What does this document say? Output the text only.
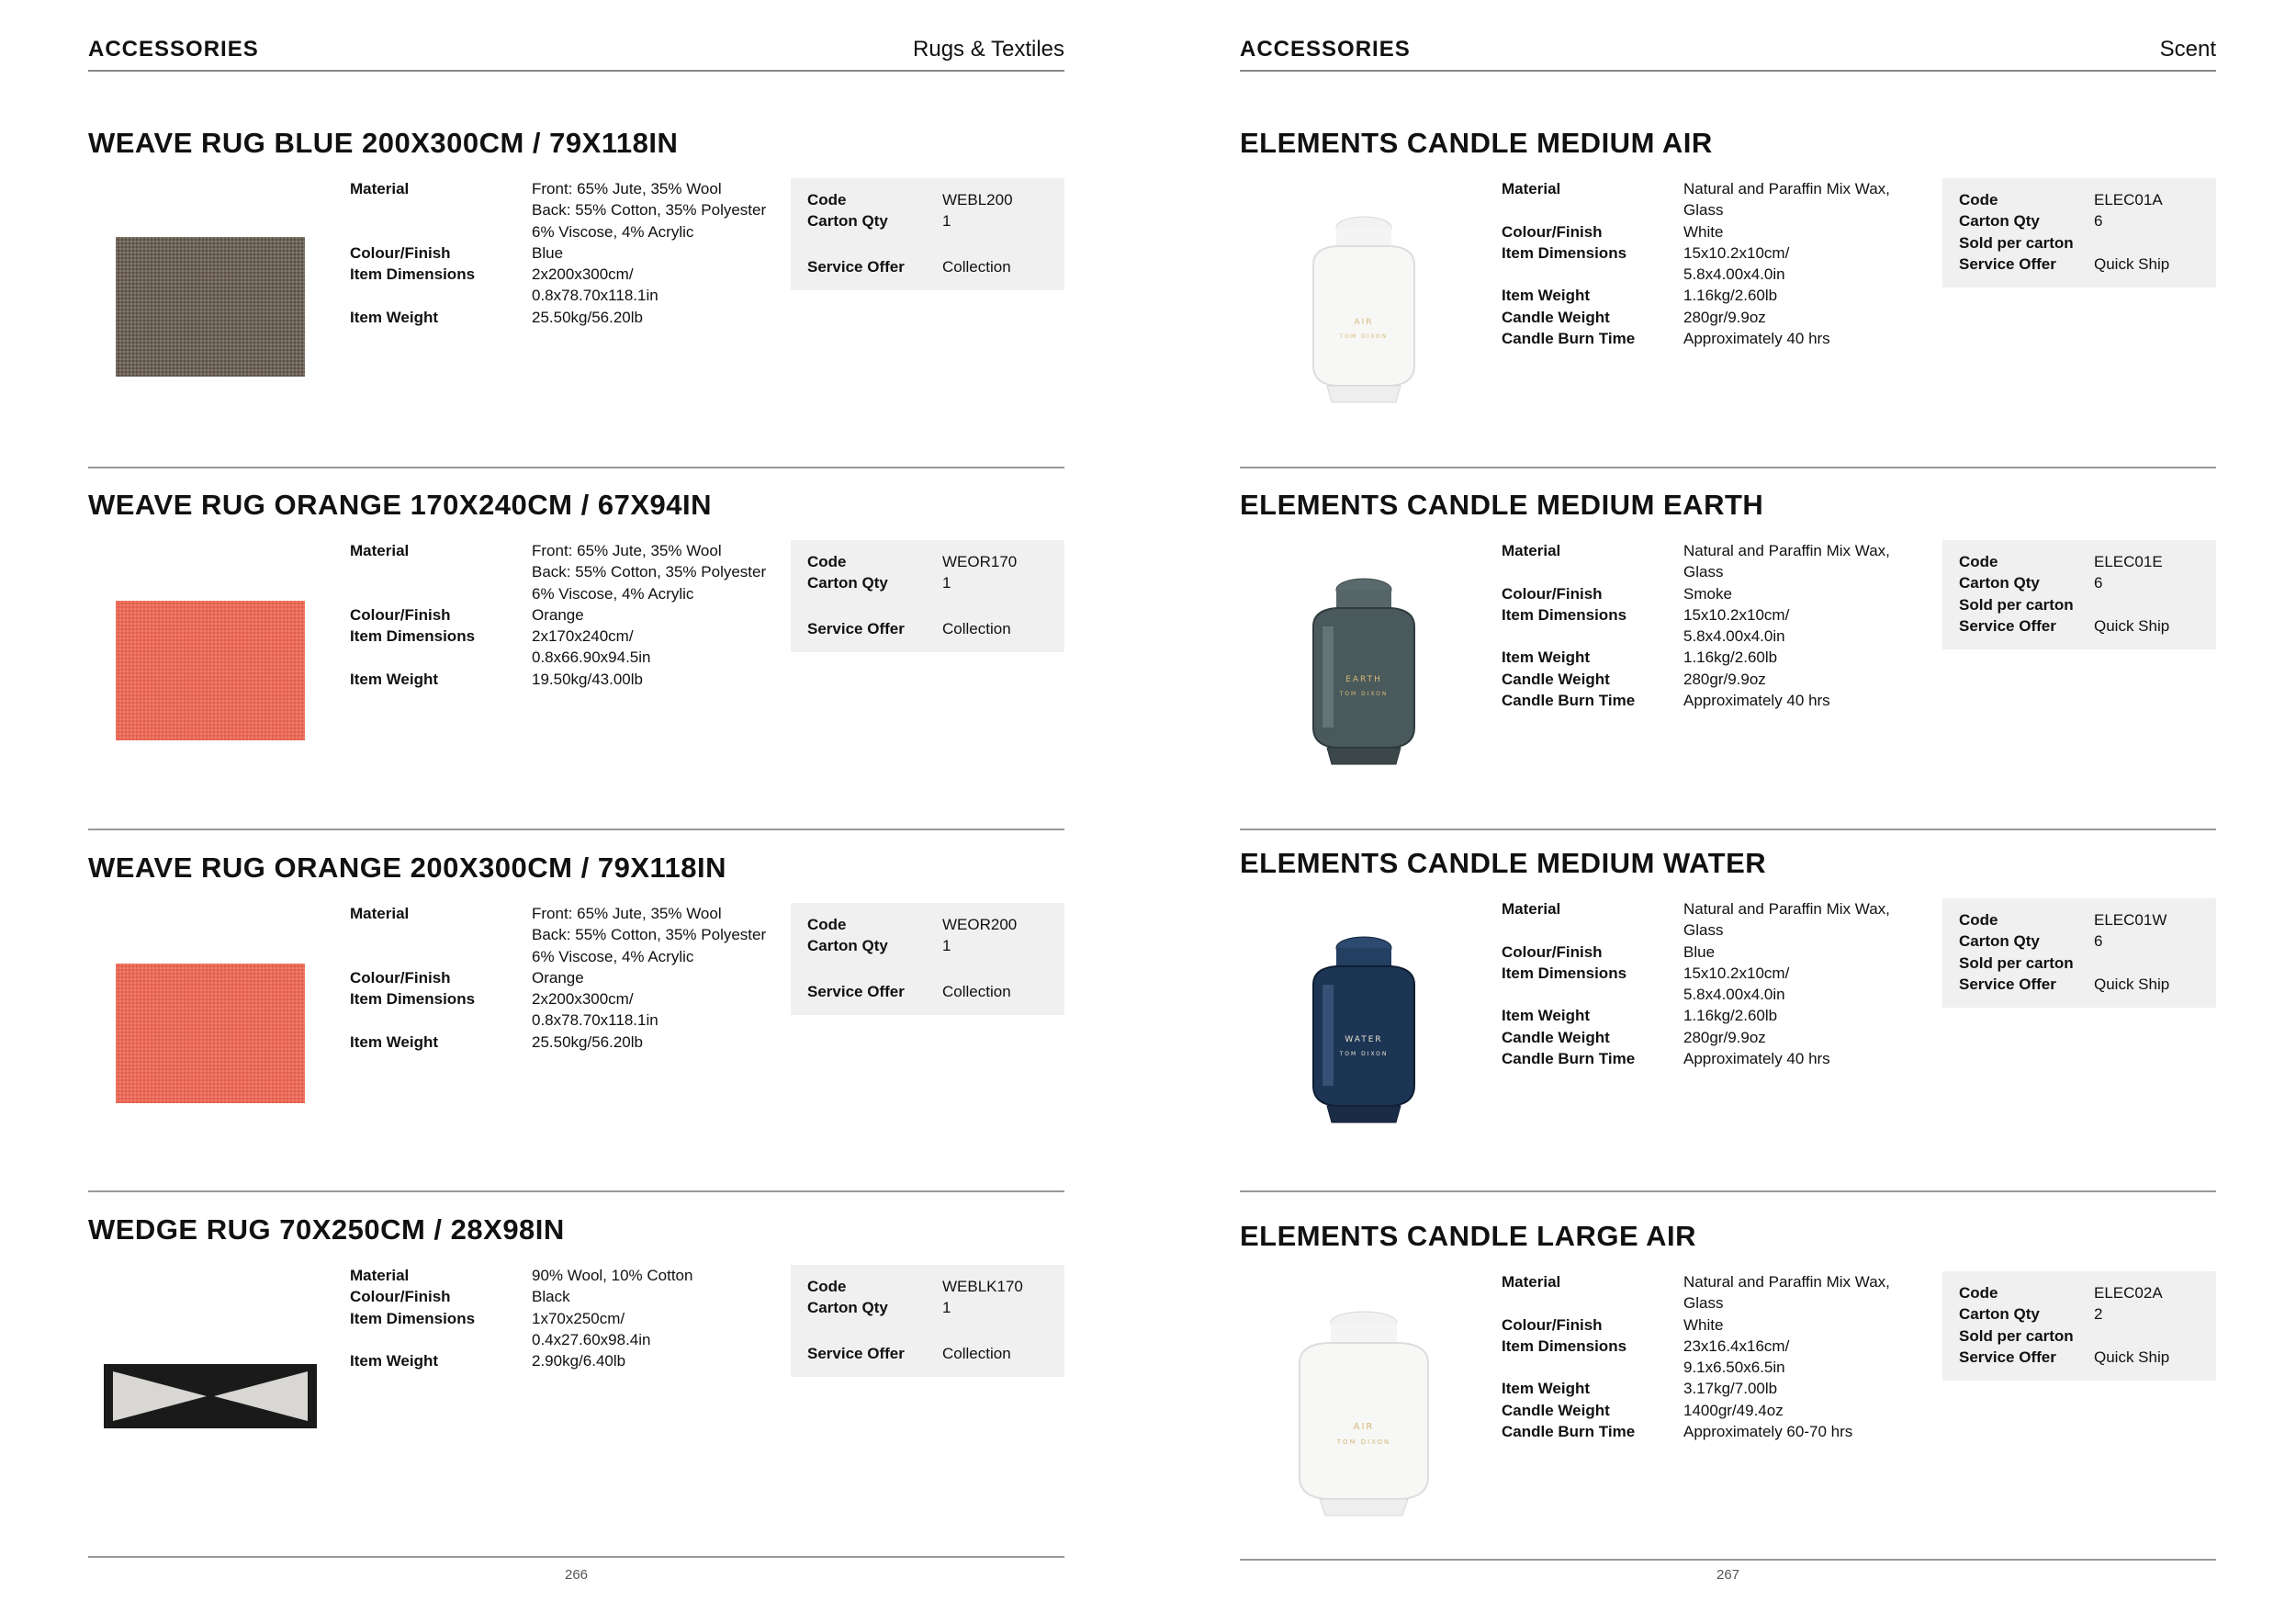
ACCESSORIES	Rugs & Textiles
WEAVE RUG BLUE 200X300CM / 79X118IN
Material	Front: 65% Jute, 35% Wool
Back: 55% Cotton, 35% Polyester
6% Viscose, 4% Acrylic
Colour/Finish	Blue
Item Dimensions	2x200x300cm/
0.8x78.70x118.1in
Item Weight	25.50kg/56.20lb
Code	WEBL200
Carton Qty	1
Service Offer	Collection
WEAVE RUG ORANGE 170X240CM / 67X94IN
Material	Front: 65% Jute, 35% Wool
Back: 55% Cotton, 35% Polyester
6% Viscose, 4% Acrylic
Colour/Finish	Orange
Item Dimensions	2x170x240cm/
0.8x66.90x94.5in
Item Weight	19.50kg/43.00lb
Code	WEOR170
Carton Qty	1
Service Offer	Collection
WEAVE RUG ORANGE 200X300CM / 79X118IN
Material	Front: 65% Jute, 35% Wool
Back: 55% Cotton, 35% Polyester
6% Viscose, 4% Acrylic
Colour/Finish	Orange
Item Dimensions	2x200x300cm/
0.8x78.70x118.1in
Item Weight	25.50kg/56.20lb
Code	WEOR200
Carton Qty	1
Service Offer	Collection
WEDGE RUG 70X250CM / 28X98IN
Material	90% Wool, 10% Cotton
Colour/Finish	Black
Item Dimensions	1x70x250cm/
0.4x27.60x98.4in
Item Weight	2.90kg/6.40lb
Code	WEBLK170
Carton Qty	1
Service Offer	Collection
266
ACCESSORIES	Scent
ELEMENTS CANDLE MEDIUM AIR
AIR
TOM DIXON
Material	Natural and Paraffin Mix Wax,
Glass
Colour/Finish	White
Item Dimensions	15x10.2x10cm/
5.8x4.00x4.0in
Item Weight	1.16kg/2.60lb
Candle Weight	280gr/9.9oz
Candle Burn Time	Approximately 40 hrs
Code	ELEC01A
Carton Qty	6
Sold per carton
Service Offer	Quick Ship
ELEMENTS CANDLE MEDIUM EARTH
EARTH
TOM DIXON
Material	Natural and Paraffin Mix Wax,
Glass
Colour/Finish	Smoke
Item Dimensions	15x10.2x10cm/
5.8x4.00x4.0in
Item Weight	1.16kg/2.60lb
Candle Weight	280gr/9.9oz
Candle Burn Time	Approximately 40 hrs
Code	ELEC01E
Carton Qty	6
Sold per carton
Service Offer	Quick Ship
ELEMENTS CANDLE MEDIUM WATER
WATER
TOM DIXON
Material	Natural and Paraffin Mix Wax,
Glass
Colour/Finish	Blue
Item Dimensions	15x10.2x10cm/
5.8x4.00x4.0in
Item Weight	1.16kg/2.60lb
Candle Weight	280gr/9.9oz
Candle Burn Time	Approximately 40 hrs
Code	ELEC01W
Carton Qty	6
Sold per carton
Service Offer	Quick Ship
ELEMENTS CANDLE LARGE AIR
AIR
TOM DIXON
Material	Natural and Paraffin Mix Wax,
Glass
Colour/Finish	White
Item Dimensions	23x16.4x16cm/
9.1x6.50x6.5in
Item Weight	3.17kg/7.00lb
Candle Weight	1400gr/49.4oz
Candle Burn Time	Approximately 60-70 hrs
Code	ELEC02A
Carton Qty	2
Sold per carton
Service Offer	Quick Ship
267
